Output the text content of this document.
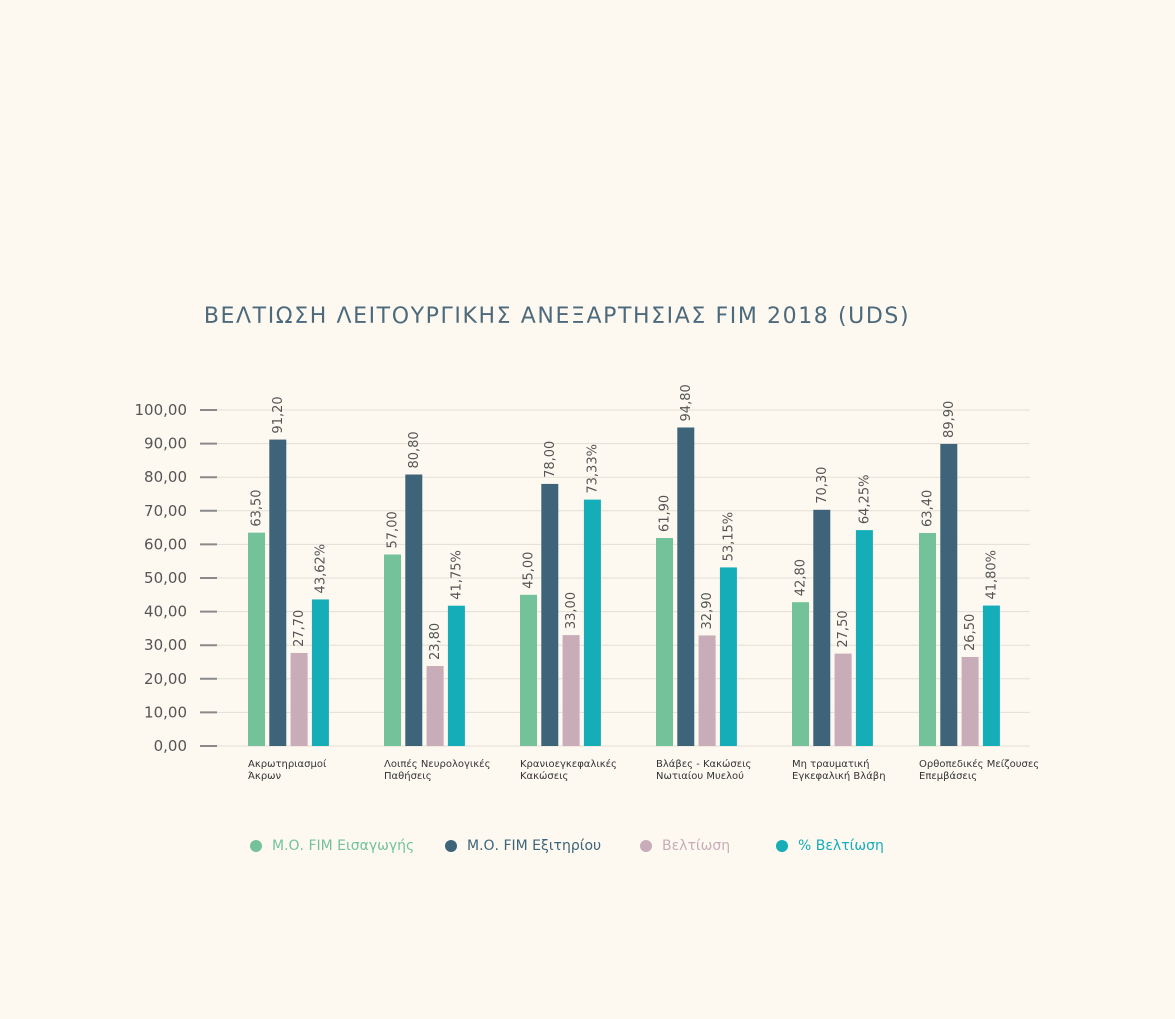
ΒΕΛΤΙΩΣΗ ΛΕΙΤΟΥΡΓΙΚΗΣ ΑΝΕΞΑΡΤΗΣΙΑΣ FIM 2018 (UDS)
0,00
10,00
20,00
30,00
40,00
50,00
60,00
70,00
80,00
90,00
100,00
63,50
91,20
27,70
43,62%
57,00
80,80
23,80
41,75%	45,00
78,00
33,00
73,33%
61,90
94,80
32,90
53,15%
42,80
70,30
27,50
64,25%	63,40
89,90
26,50
41,80%
Ακρωτηριασμοί
Άκρων
Λοιπές Νευρολογικές
Παθήσεις
Κρανιοεγκεφαλικές
Κακώσεις
Βλάβες - Κακώσεις
Νωτιαίου Μυελού
Μη τραυματική
Εγκεφαλική Βλάβη
Ορθοπεδικές Μείζουσες
Επεμβάσεις
Μ.Ο. FIM Εισαγωγής	Μ.Ο. FIM Εξιτηρίου	Βελτίωση	% Βελτίωση
